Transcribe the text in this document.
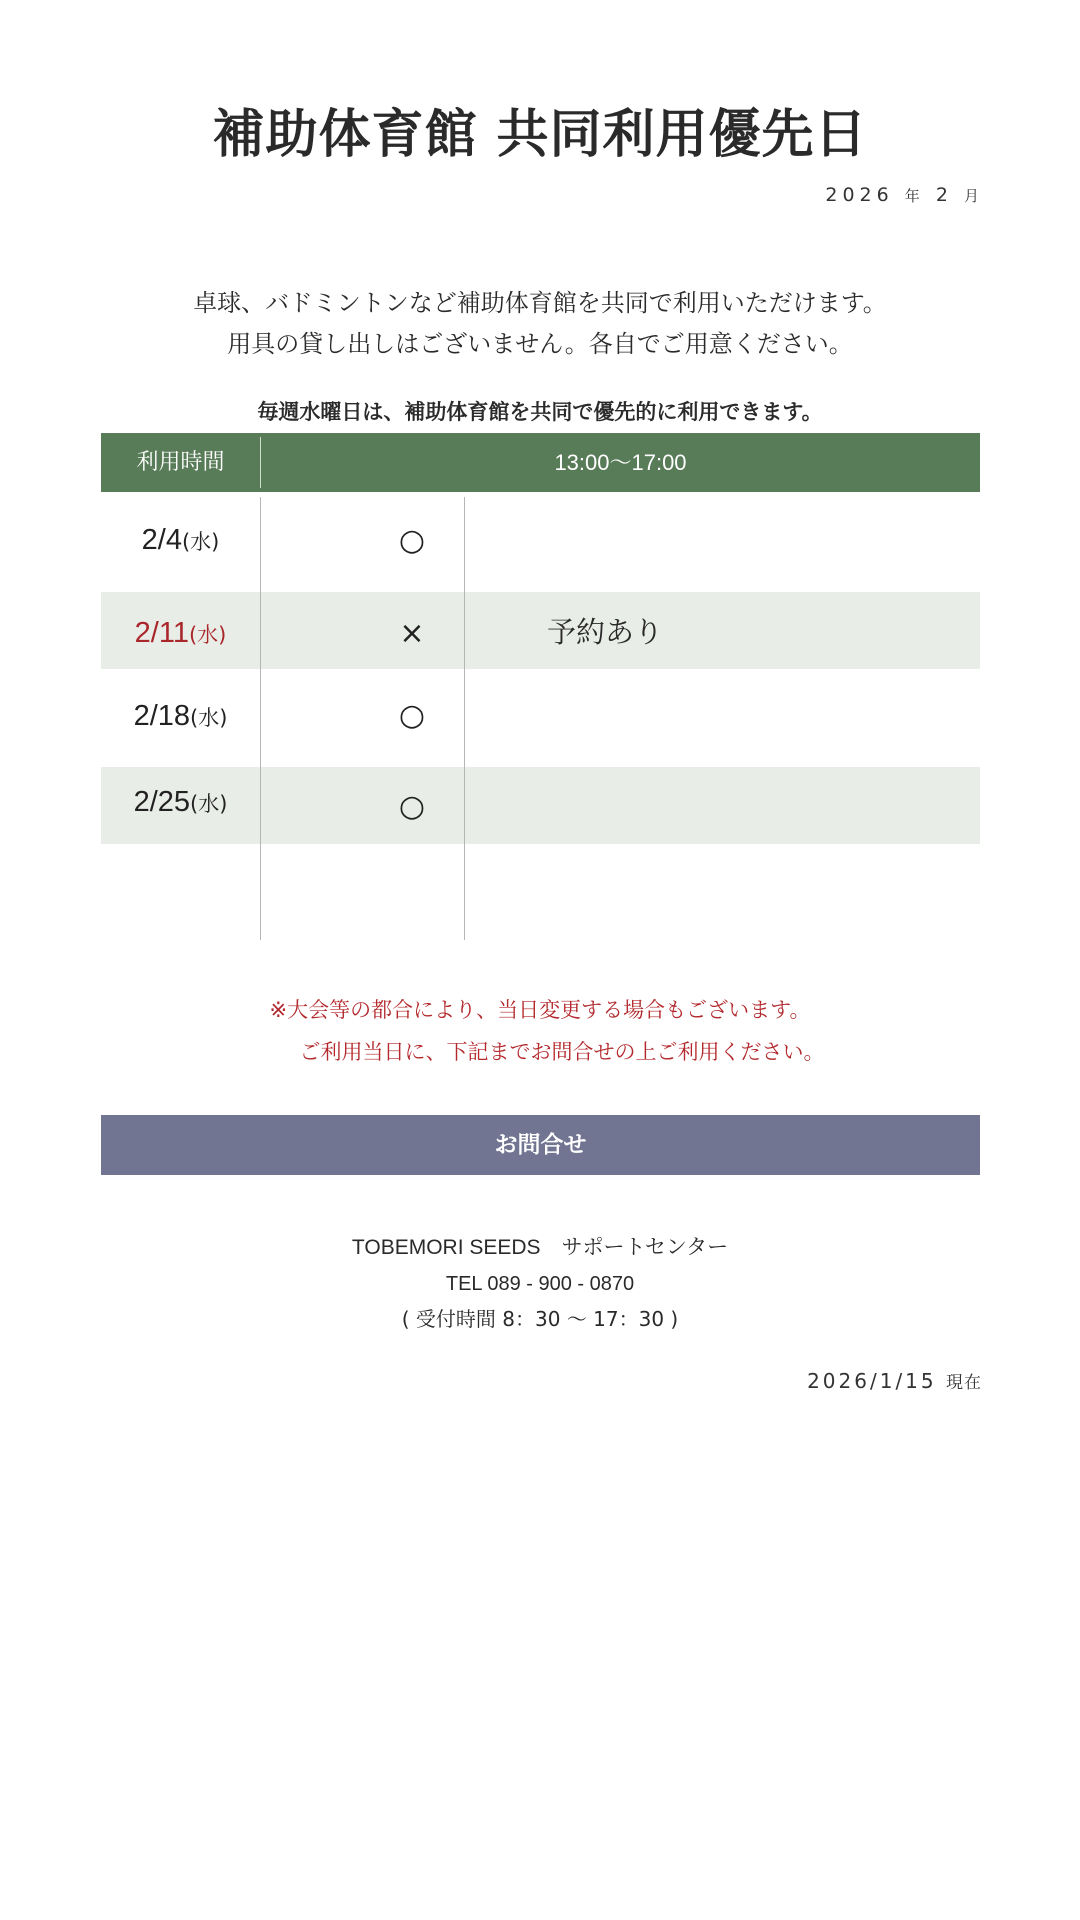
補助体育館 共同利用優先日
2026 年 2 月
卓球、バドミントンなど補助体育館を共同で利用いただけます。
用具の貸し出しはございません。各自でご用意ください。
毎週水曜日は、補助体育館を共同で優先的に利用できます。
利用時間	13:00〜17:00
2/4(水)	○
2/11(水)	×	予約あり
2/18(水)	○
2/25(水)	○
※大会等の都合により、当日変更する場合もございます。
ご利用当日に、下記までお問合せの上ご利用ください。
お問合せ
TOBEMORI SEEDS　サポートセンター
TEL 089 - 900 - 0870
( 受付時間 8：30 〜 17：30 )
2026/1/15 現在
